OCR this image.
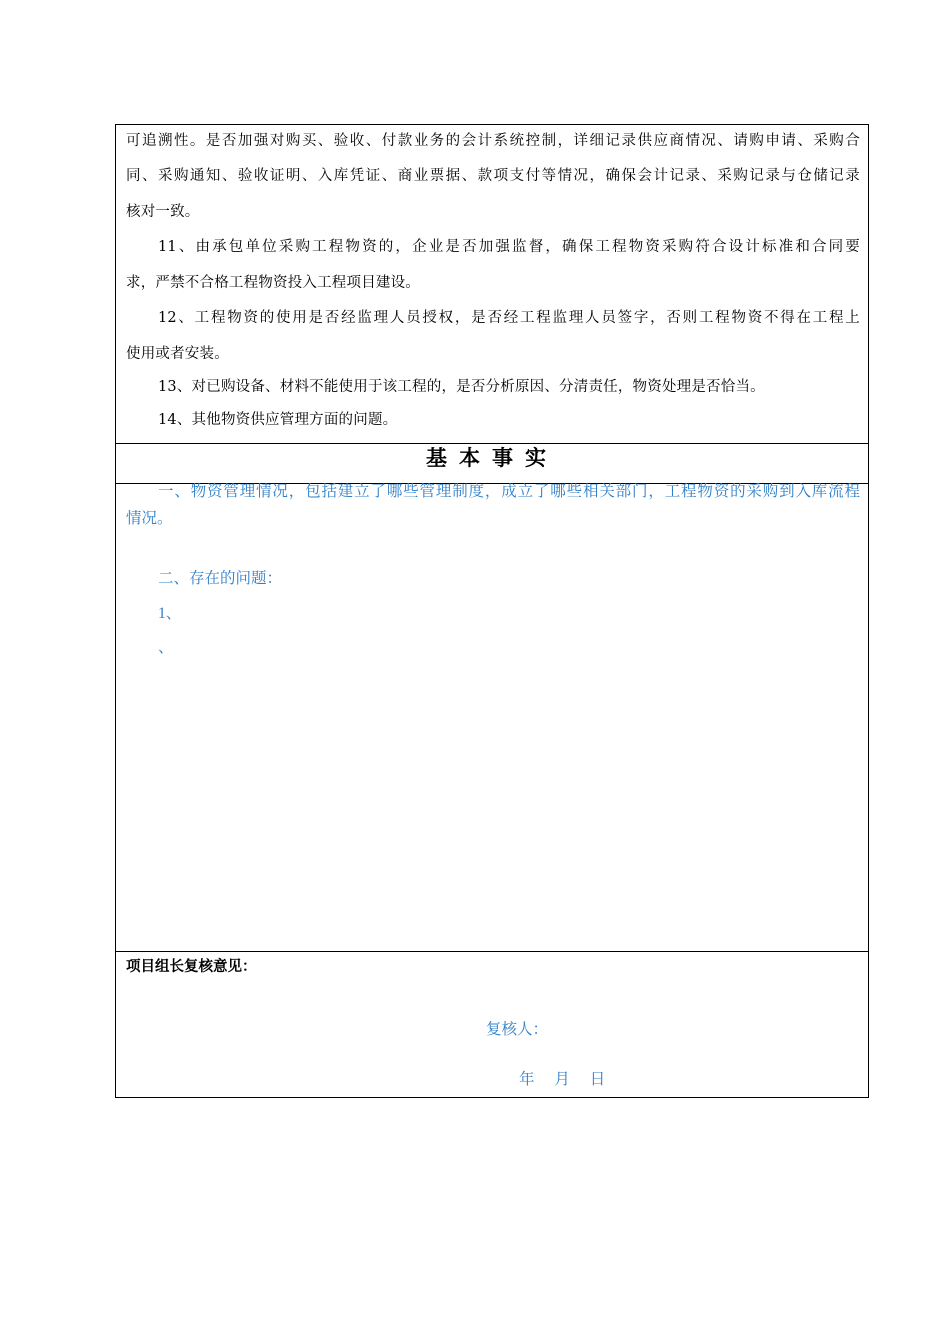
可追溯性。是否加强对购买、验收、付款业务的会计系统控制，详细记录供应商情况、请购申请、采购合
同、采购通知、验收证明、入库凭证、商业票据、款项支付等情况，确保会计记录、采购记录与仓储记录
核对一致。
11、由承包单位采购工程物资的，企业是否加强监督，确保工程物资采购符合设计标准和合同要
求，严禁不合格工程物资投入工程项目建设。
12、工程物资的使用是否经监理人员授权，是否经工程监理人员签字，否则工程物资不得在工程上
使用或者安装。
13、对已购设备、材料不能使用于该工程的，是否分析原因、分清责任，物资处理是否恰当。
14、其他物资供应管理方面的问题。
基本事实
一、物资管理情况，包括建立了哪些管理制度，成立了哪些相关部门，工程物资的采购到入库流程
情况。
二、存在的问题：
1、
、
项目组长复核意见：
复核人：
年 月 日
